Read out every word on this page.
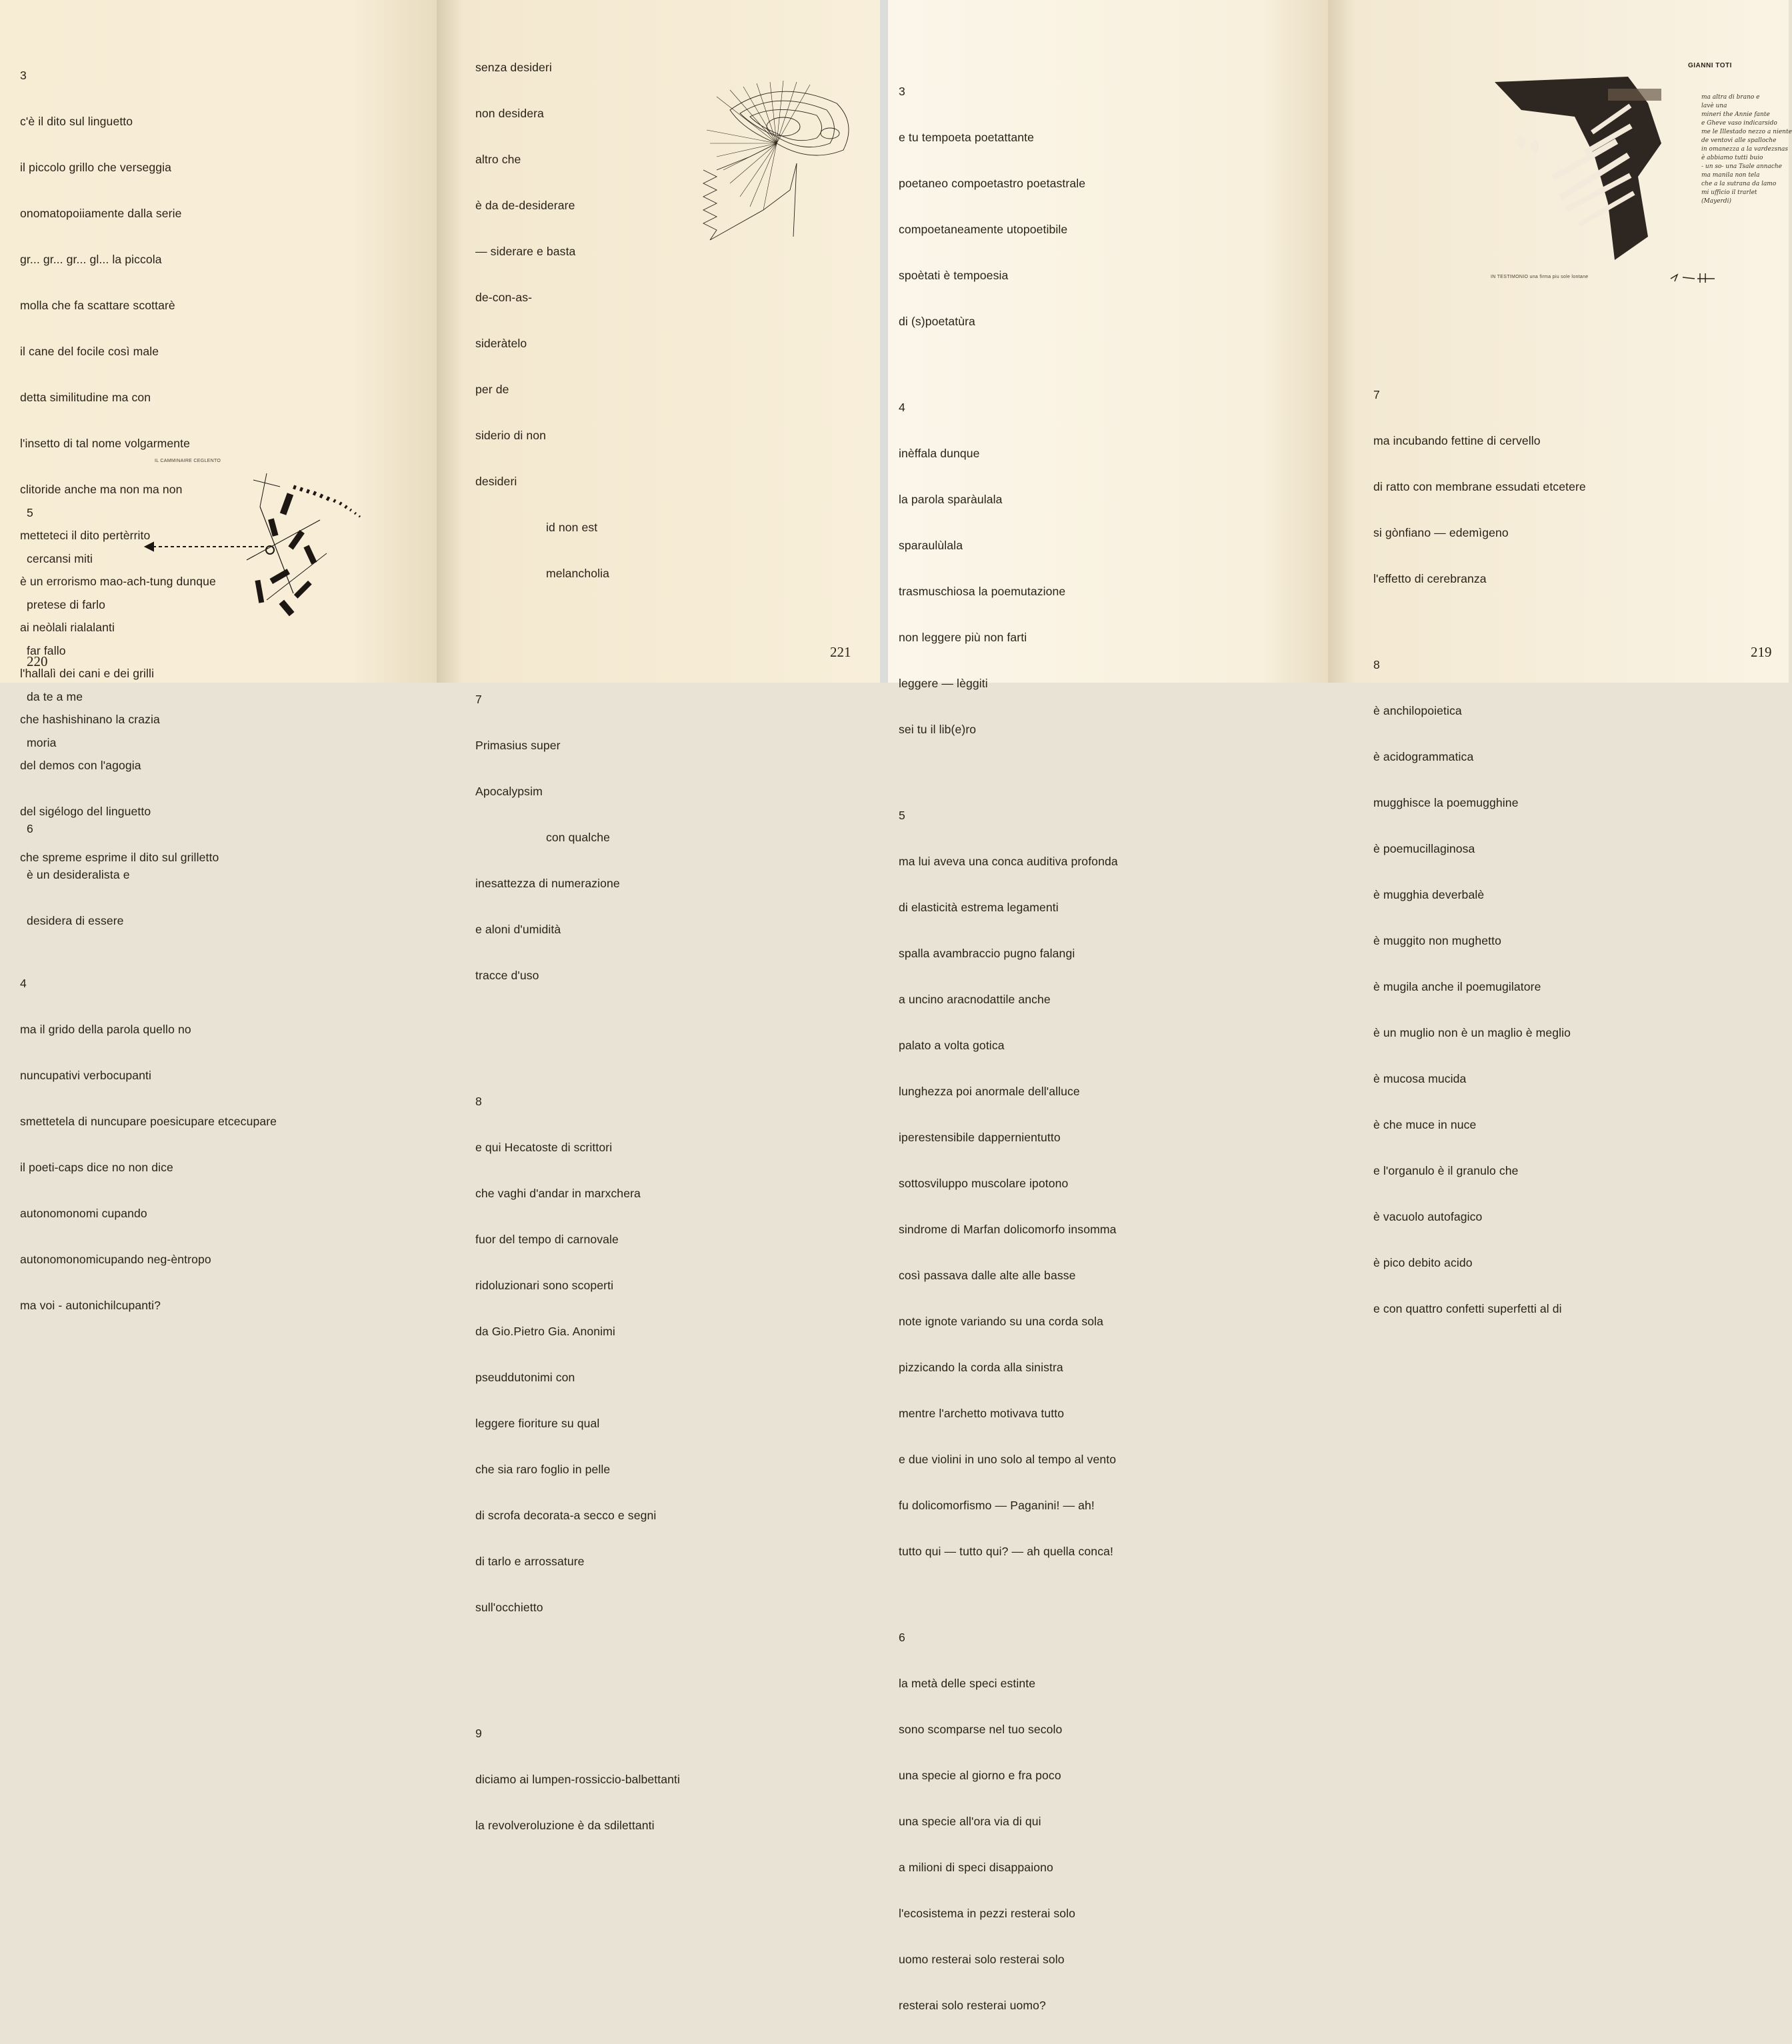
3

c'è il dito sul linguetto

il piccolo grillo che verseggia

onomatopoiiamente dalla serie

gr... gr... gr... gl... la piccola

molla che fa scattare scottarè

il cane del focile così male

detta similitudine ma con

l'insetto di tal nome volgarmente

clitoride anche ma non ma non

metteteci il dito pertèrrito

è un errorismo mao-ach-tung dunque

ai neòlali rialalanti

l'hallalì dei cani e dei grilli

che hashishinano la crazia

del demos con l'agogia

del sigélogo del linguetto

che spreme esprime il dito sul grilletto

4

ma il grido della parola quello no

nuncupativi verbocupanti

smettetela di nuncupare poesicupare etcecupare

il poeti-caps dice no non dice

autonomonomi cupando

autonomonomicupando neg-èntropo

ma voi - autonichilcupanti?

IL CAMMINAIRE CEGLENTO

5

cercansi miti

pretese di farlo

far fallo

da te a me

moria

6

è un desideralista e

desidera di essere

220

senza desideri

non desidera

altro che

è da de-desiderare

— siderare e basta

de-con-as-

sideràtelo

per de

siderio di non

desideri

id non est

melancholia

7

Primasius super

Apocalypsim

con qualche

inesattezza di numerazione

e aloni d'umidità

tracce d'uso

8

e qui Hecatoste di scrittori

che vaghi d'andar in marxchera

fuor del tempo di carnovale

ridoluzionari sono scoperti

da Gio.Pietro Gia. Anonimi

pseuddutonimi con

leggere fioriture su qual

che sia raro foglio in pelle

di scrofa decorata-a secco e segni

di tarlo e arrossature

sull'occhietto

9

diciamo ai lumpen-rossiccio-balbettanti

la revolveroluzione è da sdilettanti

221

3

e tu tempoeta poetattante

poetaneo compoetastro poetastrale

compoetaneamente utopoetibile

spoètati è tempoesia

di (s)poetatùra

4

inèffala dunque

la parola sparàulala

sparaulùlala

trasmuschiosa la poemutazione

non leggere più non farti

leggere — lèggiti

sei tu il lib(e)ro

5

ma lui aveva una conca auditiva profonda

di elasticità estrema legamenti

spalla avambraccio pugno falangi

a uncino aracnodattile anche

palato a volta gotica

lunghezza poi anormale dell'alluce

iperestensibile dappernientutto

sottosviluppo muscolare ipotono

sindrome di Marfan dolicomorfo insomma

così passava dalle alte alle basse

note ignote variando su una corda sola

pizzicando la corda alla sinistra

mentre l'archetto motivava tutto

e due violini in uno solo al tempo al vento

fu dolicomorfismo — Paganini! — ah!

tutto qui — tutto qui? — ah quella conca!

6

la metà delle speci estinte

sono scomparse nel tuo secolo

una specie al giorno e fra poco

una specie all'ora via di qui

a milioni di speci disappaiono

l'ecosistema in pezzi resterai solo

uomo resterai solo resterai solo

resterai solo resterai uomo?

GIANNI TOTI
ma altra di brano e
lavè una
mineri the Annie fante
e Gheve vaso indicarsido
me le Illestado nezzo a niente
de ventovi alle spalloche
in omanezza a la vardezsnas
è abbiamo tutti buio
- un so- una Tsale annache
ma manila non tela
che a la sutrana da lamo
mi ufficio il trarlet
(Mayerdi)
IN TESTIMONIO una firma piu sole lontane

7

ma incubando fettine di cervello

di ratto con membrane essudati etcetere

si gònfiano — edemìgeno

l'effetto di cerebranza

8

è anchilopoietica

è acidogrammatica

mugghisce la poemugghine

è poemucillaginosa

è mugghia deverbalè

è muggito non mughetto

è mugila anche il poemugilatore

è un muglio non è un maglio è meglio

è mucosa mucida

è che muce in nuce

e l'organulo è il granulo che

è vacuolo autofagico

è pico debito acido

e con quattro confetti superfetti al di

219
